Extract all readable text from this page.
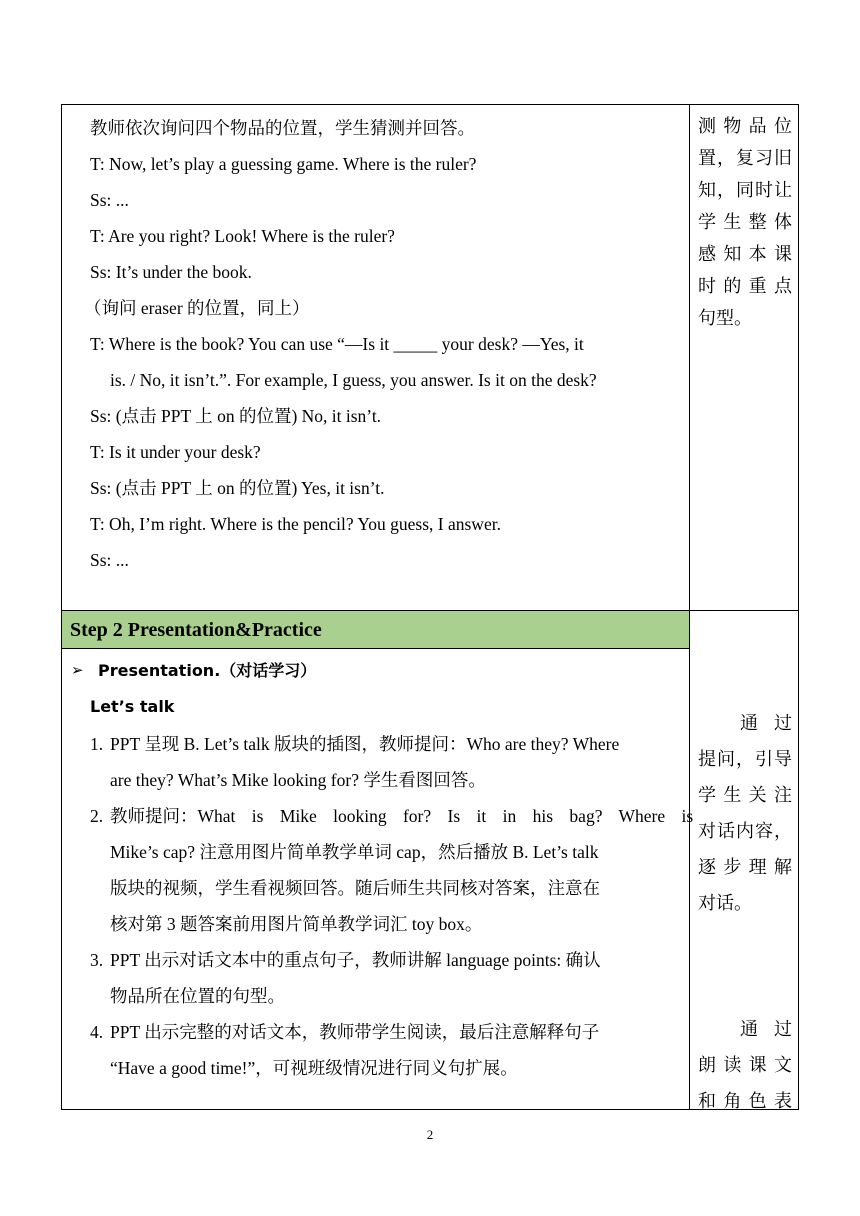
Step 2 Presentation&Practice
教师依次询问四个物品的位置，学生猜测并回答。
T: Now, let’s play a guessing game. Where is the ruler?
Ss: ...
T: Are you right? Look! Where is the ruler?
Ss: It’s under the book.
（询问 eraser 的位置，同上）
T: Where is the book? You can use “—Is it _____ your desk? —Yes, it
is. / No, it isn’t.”. For example, I guess, you answer. Is it on the desk?
Ss: (点击 PPT 上 on 的位置) No, it isn’t.
T: Is it under your desk?
Ss: (点击 PPT 上 on 的位置) Yes, it isn’t.
T: Oh, I’m right. Where is the pencil? You guess, I answer.
Ss: ...
测物品位
置，复习旧
知，同时让
学生整体
感知本课
时的重点
句型。
➢ Presentation.（对话学习）
Let’s talk
1. PPT 呈现 B. Let’s talk 版块的插图，教师提问：Who are they? Where
are they? What’s Mike looking for? 学生看图回答。
2. 教师提问：What is Mike looking for? Is it in his bag? Where is
Mike’s cap? 注意用图片简单教学单词 cap，然后播放 B. Let’s talk
版块的视频，学生看视频回答。随后师生共同核对答案，注意在
核对第 3 题答案前用图片简单教学词汇 toy box。
3. PPT 出示对话文本中的重点句子，教师讲解 language points: 确认
物品所在位置的句型。
4. PPT 出示完整的对话文本，教师带学生阅读，最后注意解释句子
“Have a good time!”，可视班级情况进行同义句扩展。
通过
提问，引导
学生关注
对话内容，
逐步理解
对话。
通过
朗读课文
和角色表
2
